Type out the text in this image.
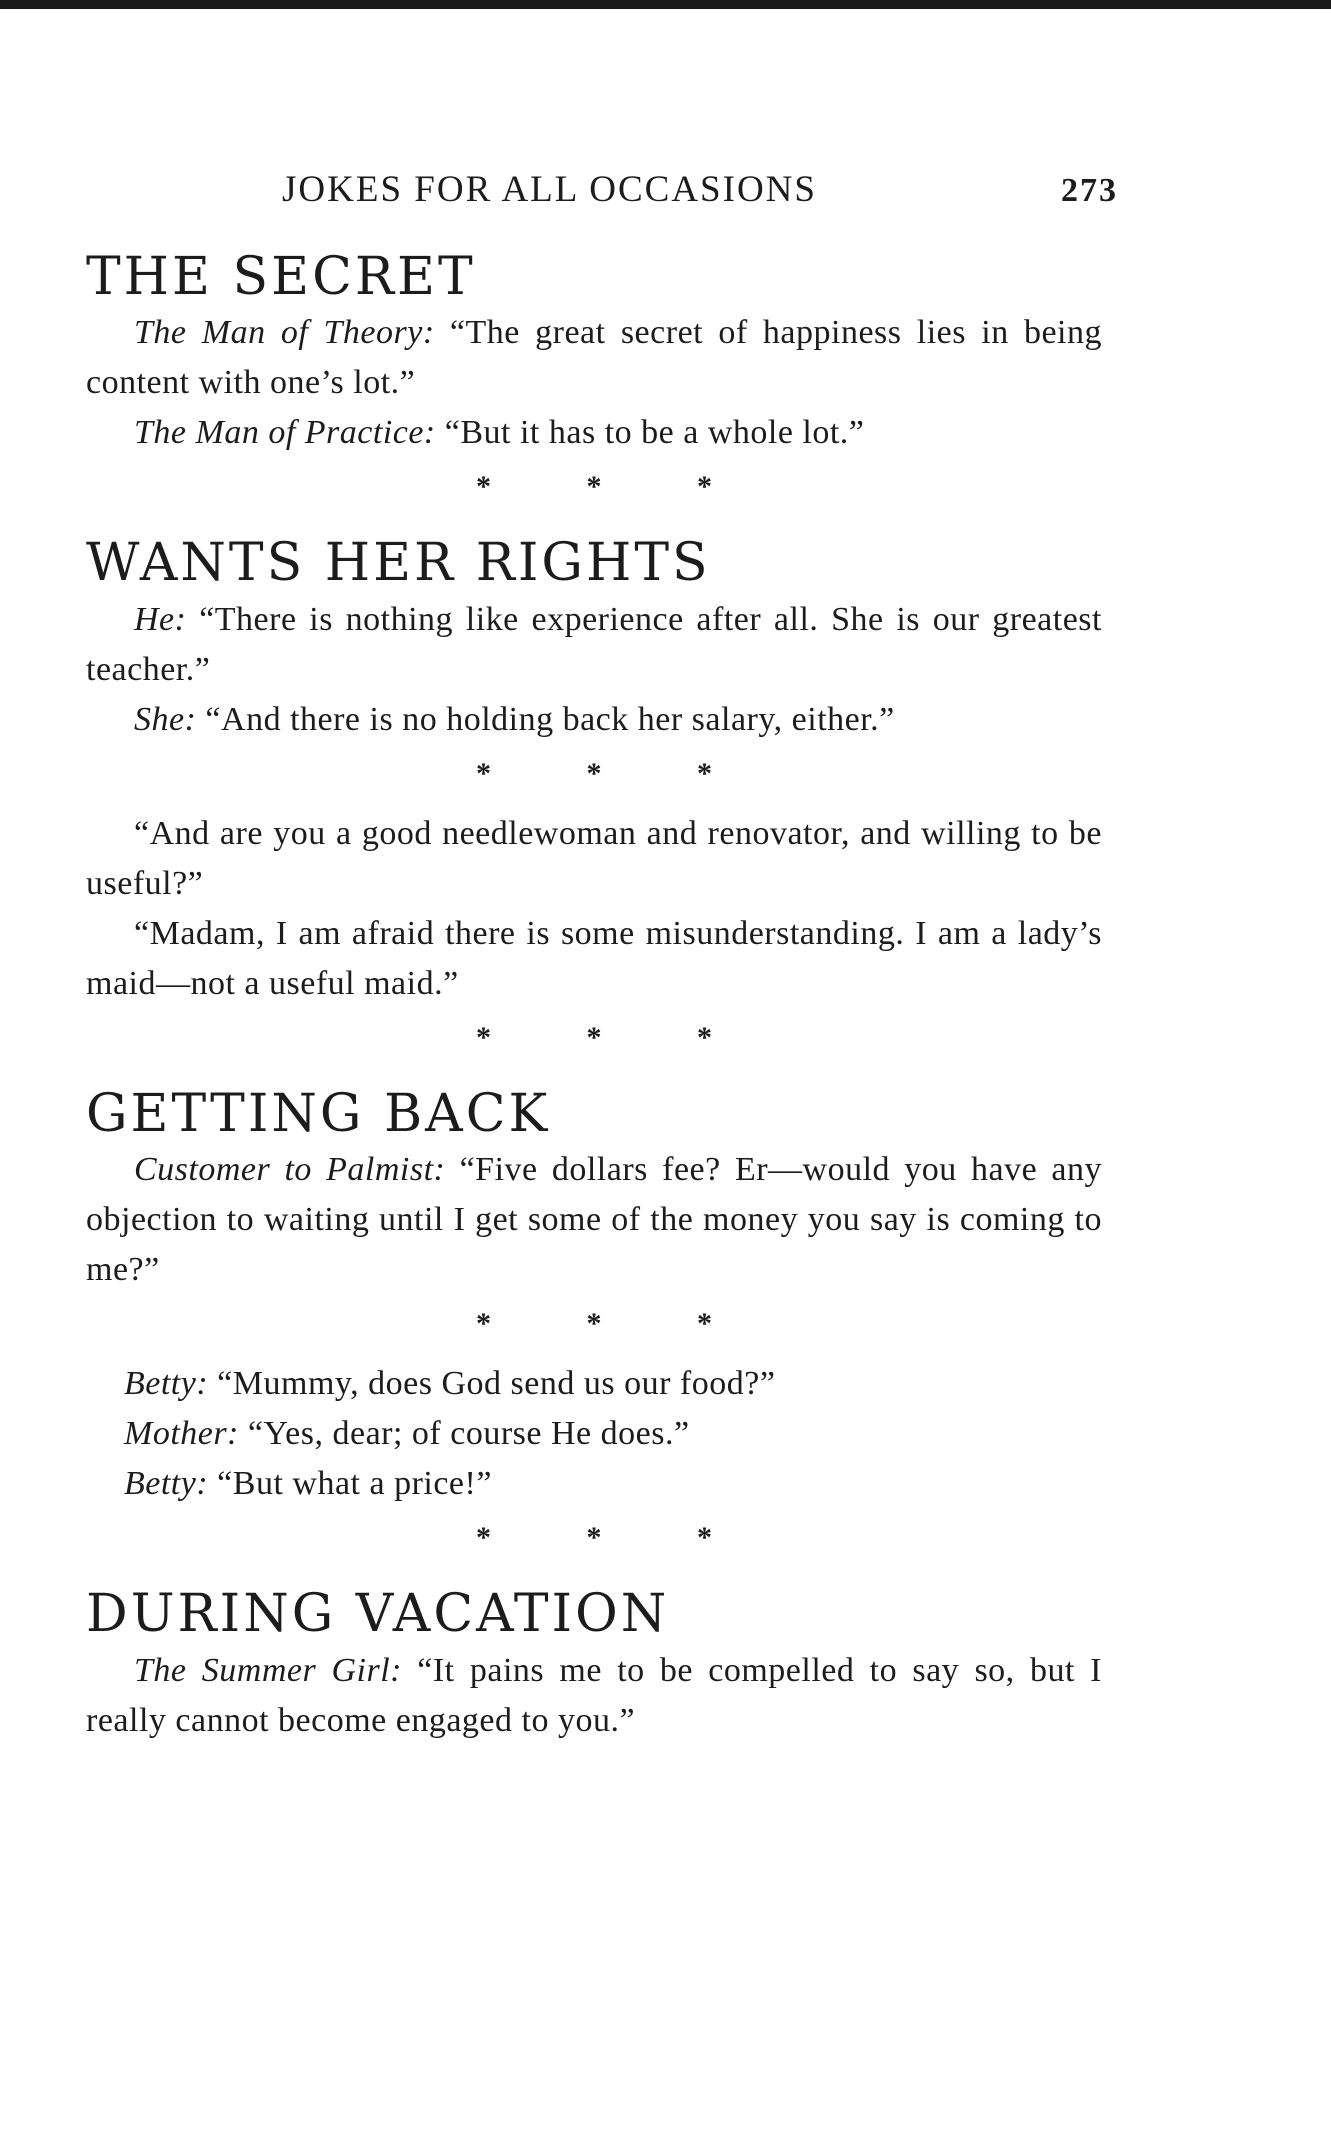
JOKES FOR ALL OCCASIONS	273
THE SECRET

The Man of Theory: “The great secret of happiness lies in being content with one’s lot.”

The Man of Practice: “But it has to be a whole lot.”

* * *
WANTS HER RIGHTS

He: “There is nothing like experience after all. She is our greatest teacher.”

She: “And there is no holding back her salary, either.”

* * *

“And are you a good needlewoman and renovator, and willing to be useful?”

“Madam, I am afraid there is some misunderstanding. I am a lady’s maid—not a useful maid.”

* * *
GETTING BACK

Customer to Palmist: “Five dollars fee? Er—would you have any objection to waiting until I get some of the money you say is coming to me?”

* * *

Betty: “Mummy, does God send us our food?”

Mother: “Yes, dear; of course He does.”

Betty: “But what a price!”

* * *
DURING VACATION

The Summer Girl: “It pains me to be compelled to say so, but I really cannot become engaged to you.”
